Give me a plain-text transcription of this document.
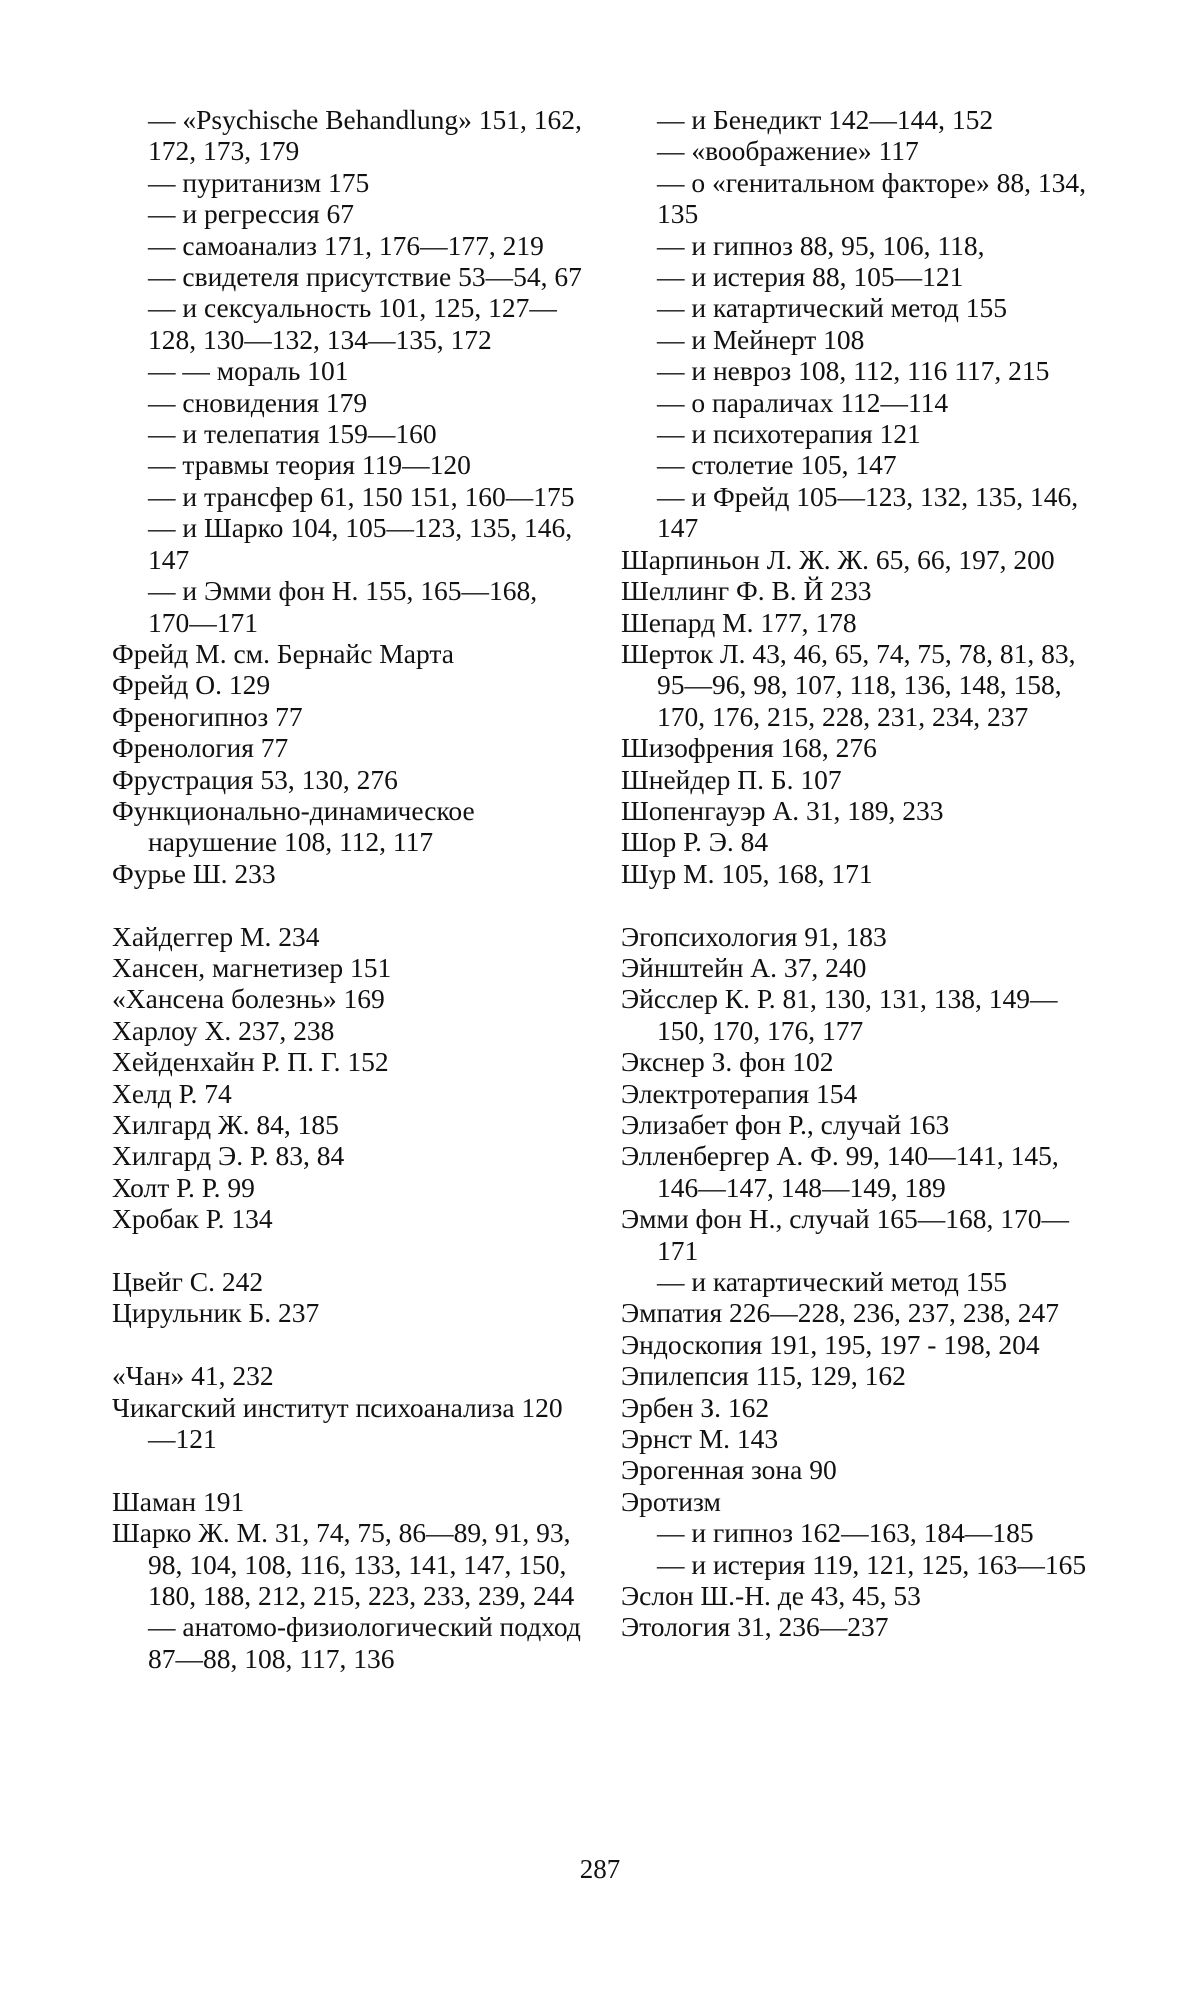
— «Psychische Behandlung» 151, 162, 172, 173, 179
— пуританизм 175
— и регрессия 67
— самоанализ 171, 176—177, 219
— свидетеля присутствие 53—54, 67
— и сексуальность 101, 125, 127—128, 130—132, 134—135, 172
— — мораль 101
— сновидения 179
— и телепатия 159—160
— травмы теория 119—120
— и трансфер 61, 150 151, 160—175
— и Шарко 104, 105—123, 135, 146, 147
— и Эмми фон Н. 155, 165—168, 170—171
Фрейд М. см. Бернайс Марта
Фрейд О. 129
Френогипноз 77
Френология 77
Фрустрация 53, 130, 276
Функционально-динамическое нарушение 108, 112, 117
Фурье Ш. 233
Хайдеггер М. 234
Хансен, магнетизер 151
«Хансена болезнь» 169
Харлоу Х. 237, 238
Хейденхайн Р. П. Г. 152
Хелд Р. 74
Хилгард Ж. 84, 185
Хилгард Э. Р. 83, 84
Холт Р. Р. 99
Хробак Р. 134
Цвейг С. 242
Цирульник Б. 237
«Чан» 41, 232
Чикагский институт психоанализа 120—121
Шаман 191
Шарко Ж. М. 31, 74, 75, 86—89, 91, 93, 98, 104, 108, 116, 133, 141, 147, 150, 180, 188, 212, 215, 223, 233, 239, 244
— анатомо-физиологический подход 87—88, 108, 117, 136
— и Бенедикт 142—144, 152
— «воображение» 117
— о «генитальном факторе» 88, 134, 135
— и гипноз 88, 95, 106, 118,
— и истерия 88, 105—121
— и катартический метод 155
— и Мейнерт 108
— и невроз 108, 112, 116 117, 215
— о параличах 112—114
— и психотерапия 121
— столетие 105, 147
— и Фрейд 105—123, 132, 135, 146, 147
Шарпиньон Л. Ж. Ж. 65, 66, 197, 200
Шеллинг Ф. В. Й 233
Шепард М. 177, 178
Шерток Л. 43, 46, 65, 74, 75, 78, 81, 83, 95—96, 98, 107, 118, 136, 148, 158, 170, 176, 215, 228, 231, 234, 237
Шизофрения 168, 276
Шнейдер П. Б. 107
Шопенгауэр А. 31, 189, 233
Шор Р. Э. 84
Шур М. 105, 168, 171
Эгопсихология 91, 183
Эйнштейн А. 37, 240
Эйсслер К. Р. 81, 130, 131, 138, 149—150, 170, 176, 177
Экснер З. фон 102
Электротерапия 154
Элизабет фон Р., случай 163
Элленбергер А. Ф. 99, 140—141, 145, 146—147, 148—149, 189
Эмми фон Н., случай 165—168, 170—171
— и катартический метод 155
Эмпатия 226—228, 236, 237, 238, 247
Эндоскопия 191, 195, 197 - 198, 204
Эпилепсия 115, 129, 162
Эрбен З. 162
Эрнст М. 143
Эрогенная зона 90
Эротизм
— и гипноз 162—163, 184—185
— и истерия 119, 121, 125, 163—165
Эслон Ш.-Н. де 43, 45, 53
Этология 31, 236—237
287
